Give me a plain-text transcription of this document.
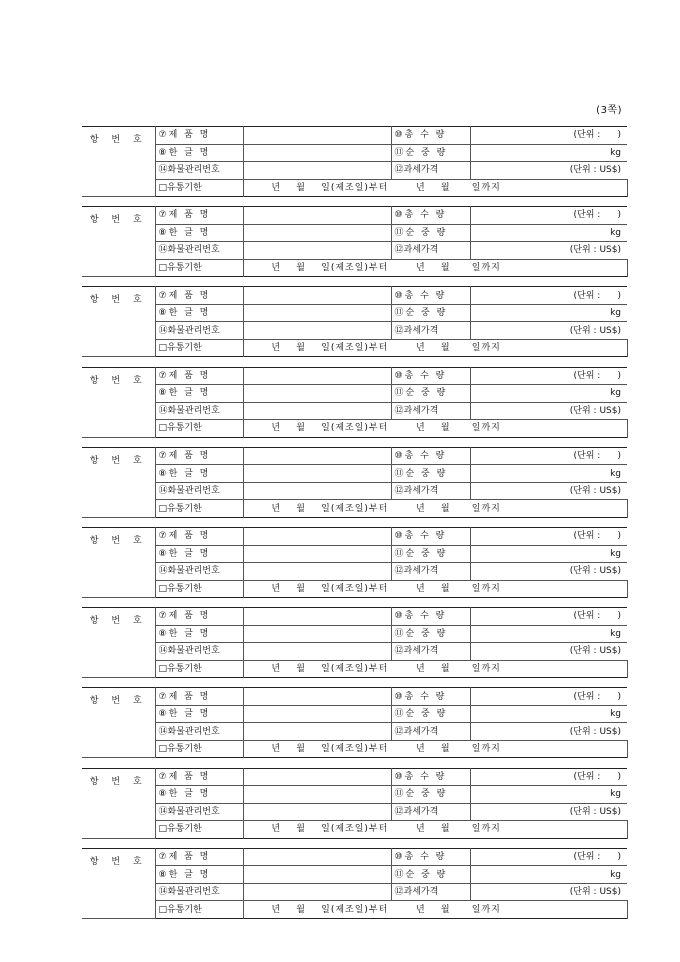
(3쪽)
항 번 호	⑦제 품 명		⑩총 수 량	(단위 :      )	
	⑧한 글 명		⑪순 중 량	kg	
	⑭화물관리번호		⑫과세가격	(단위 : US$)	
	□유통기한	년 월 일(제조일)부터 년 월 일까지			
항 번 호	⑦제 품 명		⑩총 수 량	(단위 :      )	
	⑧한 글 명		⑪순 중 량	kg	
	⑭화물관리번호		⑫과세가격	(단위 : US$)	
	□유통기한	년 월 일(제조일)부터 년 월 일까지			
항 번 호	⑦제 품 명		⑩총 수 량	(단위 :      )	
	⑧한 글 명		⑪순 중 량	kg	
	⑭화물관리번호		⑫과세가격	(단위 : US$)	
	□유통기한	년 월 일(제조일)부터 년 월 일까지			
항 번 호	⑦제 품 명		⑩총 수 량	(단위 :      )	
	⑧한 글 명		⑪순 중 량	kg	
	⑭화물관리번호		⑫과세가격	(단위 : US$)	
	□유통기한	년 월 일(제조일)부터 년 월 일까지			
항 번 호	⑦제 품 명		⑩총 수 량	(단위 :      )	
	⑧한 글 명		⑪순 중 량	kg	
	⑭화물관리번호		⑫과세가격	(단위 : US$)	
	□유통기한	년 월 일(제조일)부터 년 월 일까지			
항 번 호	⑦제 품 명		⑩총 수 량	(단위 :      )	
	⑧한 글 명		⑪순 중 량	kg	
	⑭화물관리번호		⑫과세가격	(단위 : US$)	
	□유통기한	년 월 일(제조일)부터 년 월 일까지			
항 번 호	⑦제 품 명		⑩총 수 량	(단위 :      )	
	⑧한 글 명		⑪순 중 량	kg	
	⑭화물관리번호		⑫과세가격	(단위 : US$)	
	□유통기한	년 월 일(제조일)부터 년 월 일까지			
항 번 호	⑦제 품 명		⑩총 수 량	(단위 :      )	
	⑧한 글 명		⑪순 중 량	kg	
	⑭화물관리번호		⑫과세가격	(단위 : US$)	
	□유통기한	년 월 일(제조일)부터 년 월 일까지			
항 번 호	⑦제 품 명		⑩총 수 량	(단위 :      )	
	⑧한 글 명		⑪순 중 량	kg	
	⑭화물관리번호		⑫과세가격	(단위 : US$)	
	□유통기한	년 월 일(제조일)부터 년 월 일까지			
항 번 호	⑦제 품 명		⑩총 수 량	(단위 :      )	
	⑧한 글 명		⑪순 중 량	kg	
	⑭화물관리번호		⑫과세가격	(단위 : US$)	
	□유통기한	년 월 일(제조일)부터 년 월 일까지			
